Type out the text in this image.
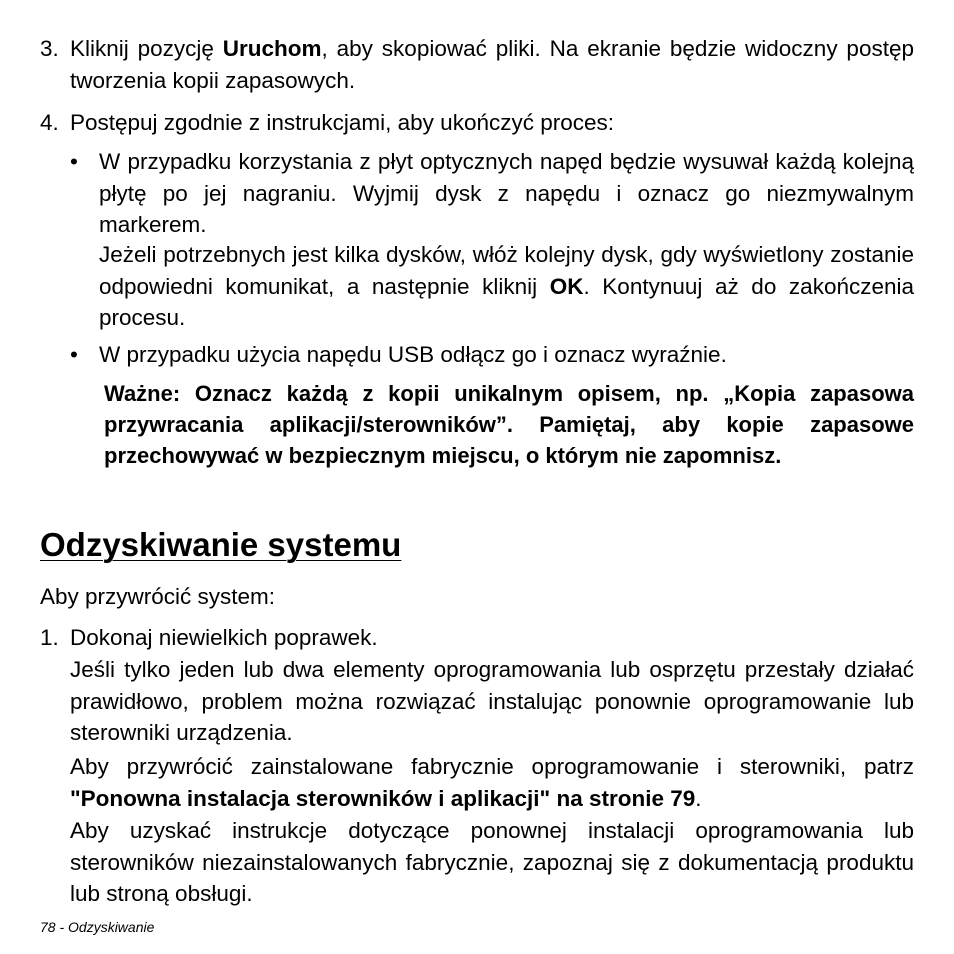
3. Kliknij pozycję Uruchom, aby skopiować pliki. Na ekranie będzie widoczny postęp tworzenia kopii zapasowych.

4. Postępuj zgodnie z instrukcjami, aby ukończyć proces:

• W przypadku korzystania z płyt optycznych napęd będzie wysuwał każdą kolejną płytę po jej nagraniu. Wyjmij dysk z napędu i oznacz go niezmywalnym markerem.

Jeżeli potrzebnych jest kilka dysków, włóż kolejny dysk, gdy wyświetlony zostanie odpowiedni komunikat, a następnie kliknij OK. Kontynuuj aż do zakończenia procesu.

• W przypadku użycia napędu USB odłącz go i oznacz wyraźnie.

Ważne: Oznacz każdą z kopii unikalnym opisem, np. „Kopia zapasowa przywracania aplikacji/sterowników”. Pamiętaj, aby kopie zapasowe przechowywać w bezpiecznym miejscu, o którym nie zapomnisz.

Odzyskiwanie systemu

Aby przywrócić system:

1. Dokonaj niewielkich poprawek.

Jeśli tylko jeden lub dwa elementy oprogramowania lub osprzętu przestały działać prawidłowo, problem można rozwiązać instalując ponownie oprogramowanie lub sterowniki urządzenia.

Aby przywrócić zainstalowane fabrycznie oprogramowanie i sterowniki, patrz "Ponowna instalacja sterowników i aplikacji" na stronie 79.

Aby uzyskać instrukcje dotyczące ponownej instalacji oprogramowania lub sterowników niezainstalowanych fabrycznie, zapoznaj się z dokumentacją produktu lub stroną obsługi.

78 - Odzyskiwanie
